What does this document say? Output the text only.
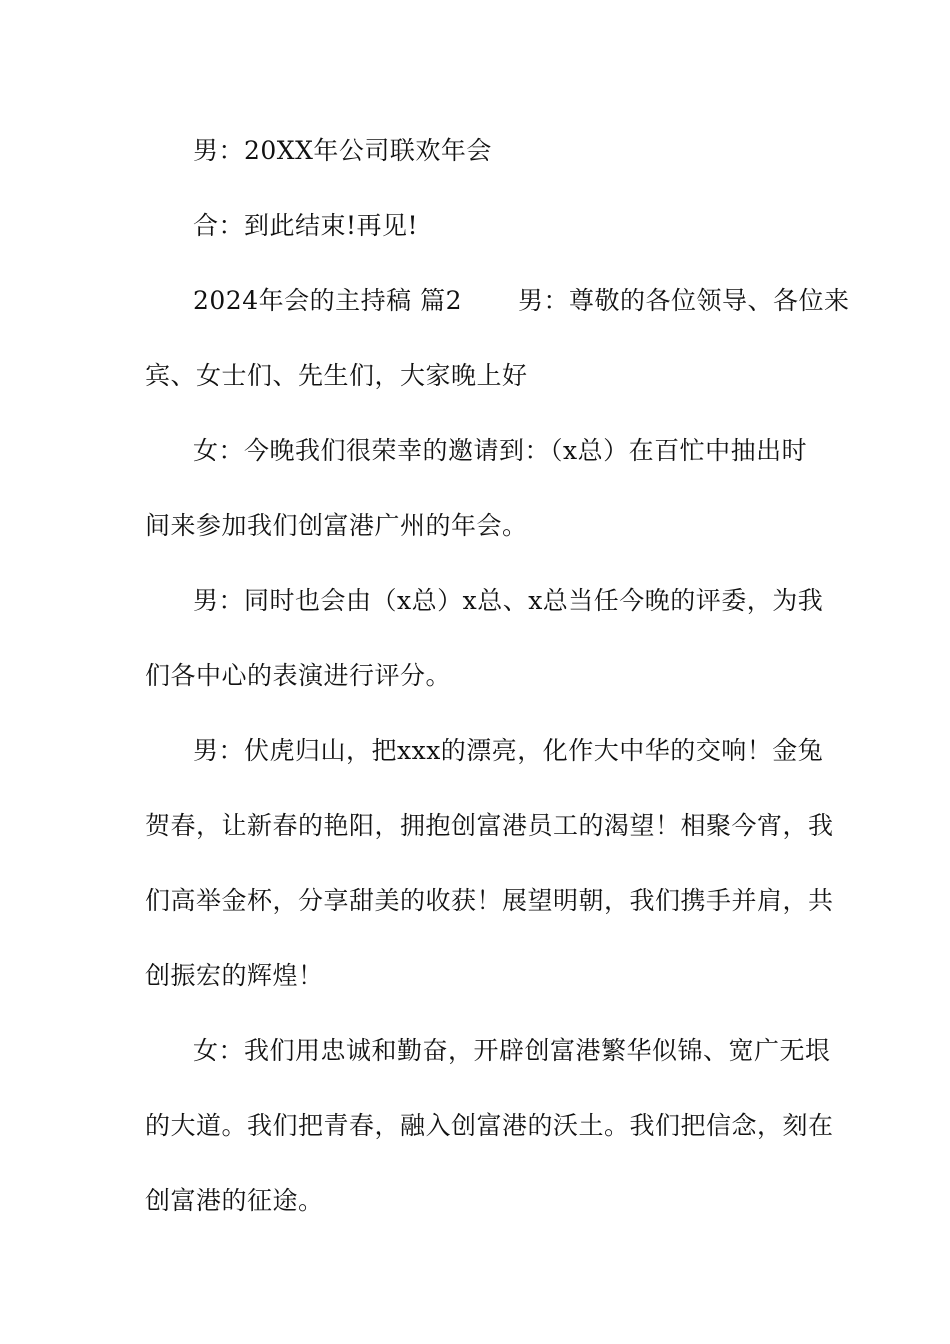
男：20XX年公司联欢年会
合：到此结束!再见!
2024年会的主持稿 篇2 男：尊敬的各位领导、各位来
宾、女士们、先生们，大家晚上好
女：今晚我们很荣幸的邀请到：（x总）在百忙中抽出时
间来参加我们创富港广州的年会。
男：同时也会由（x总）x总、x总当任今晚的评委，为我
们各中心的表演进行评分。
男：伏虎归山，把xxx的漂亮，化作大中华的交响！金兔
贺春，让新春的艳阳，拥抱创富港员工的渴望！相聚今宵，我
们高举金杯，分享甜美的收获！展望明朝，我们携手并肩，共
创振宏的辉煌！
女：我们用忠诚和勤奋，开辟创富港繁华似锦、宽广无垠
的大道。我们把青春，融入创富港的沃土。我们把信念，刻在
创富港的征途。
